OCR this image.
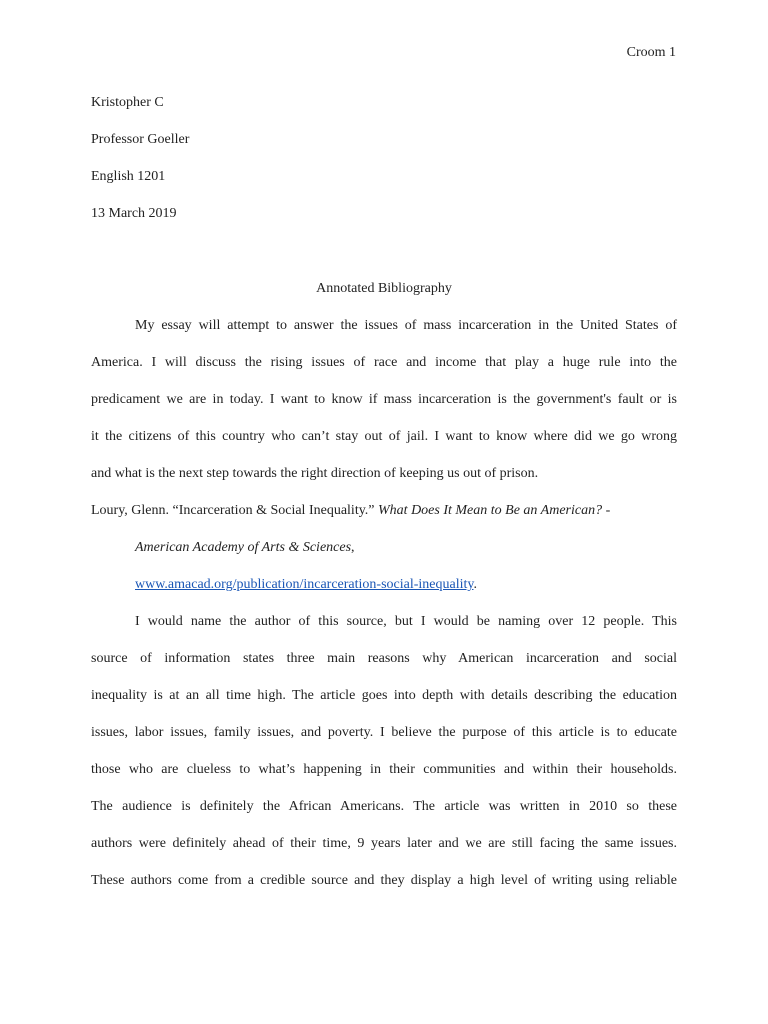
Croom 1
Kristopher C
Professor Goeller
English 1201
13 March 2019
Annotated Bibliography
My essay will attempt to answer the issues of mass incarceration in the United States of
America. I will discuss the rising issues of race and income that play a huge rule into the
predicament we are in today. I want to know if mass incarceration is the government's fault or is
it the citizens of this country who can’t stay out of jail. I want to know where did we go wrong
and what is the next step towards the right direction of keeping us out of prison.
Loury, Glenn. “Incarceration & Social Inequality.” What Does It Mean to Be an American? -
American Academy of Arts & Sciences,
www.amacad.org/publication/incarceration-social-inequality.
I would name the author of this source, but I would be naming over 12 people. This
source of information states three main reasons why American incarceration and social
inequality is at an all time high. The article goes into depth with details describing the education
issues, labor issues, family issues, and poverty. I believe the purpose of this article is to educate
those who are clueless to what’s happening in their communities and within their households.
The audience is definitely the African Americans. The article was written in 2010 so these
authors were definitely ahead of their time, 9 years later and we are still facing the same issues.
These authors come from a credible source and they display a high level of writing using reliable
